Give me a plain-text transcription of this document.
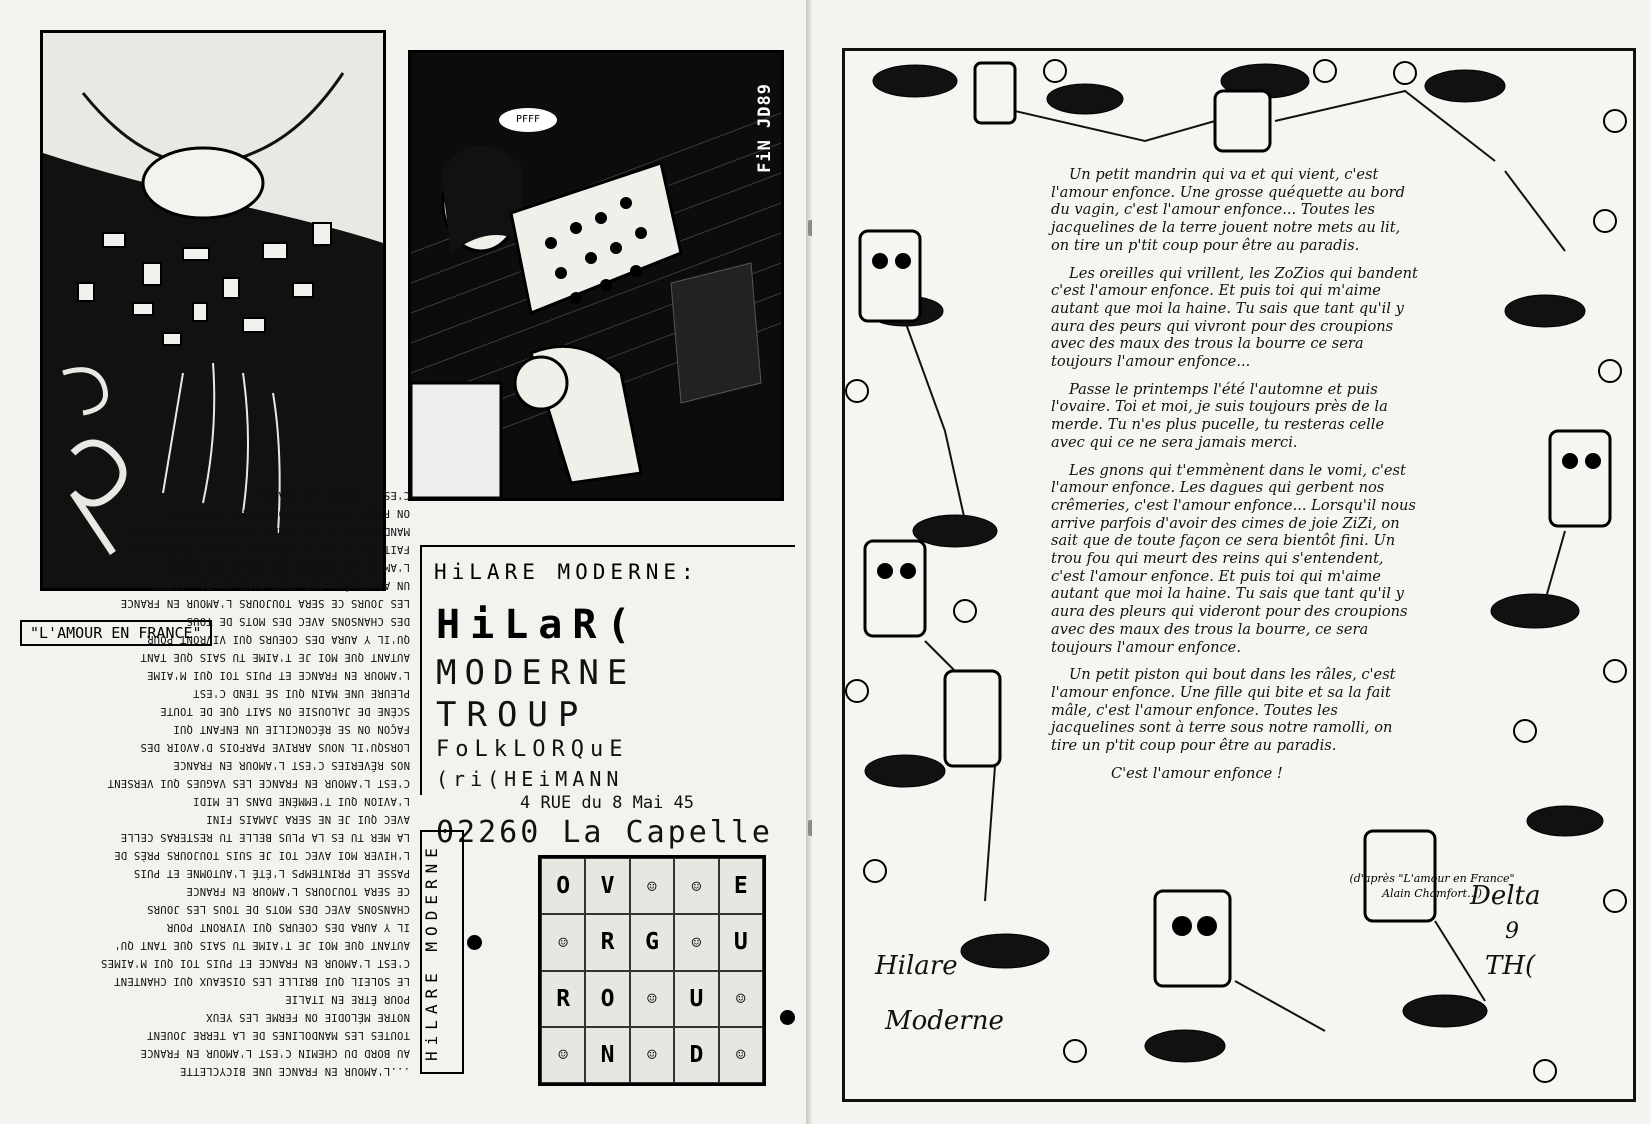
PFFF	FiN JD89
"L'AMOUR EN FRANCE"
...L'AMOUR EN FRANCE UNE BICYCLETTE
AU BORD DU CHEMIN C'EST L'AMOUR EN FRANCE
TOUTES LES MANDOLINES DE LA TERRE JOUENT
NOTRE MÉLODIE ON FERME LES YEUX
POUR ÊTRE EN ITALIE
LE SOLEIL QUI BRILLE LES OISEAUX QUI CHANTENT
C'EST L'AMOUR EN FRANCE ET PUIS TOI QUI M'AIMES
AUTANT QUE MOI JE T'AIME TU SAIS QUE TANT QU'
IL Y AURA DES COEURS QUI VIVRONT POUR
CHANSONS AVEC DES MOTS DE TOUS LES JOURS
CE SERA TOUJOURS L'AMOUR EN FRANCE
PASSE LE PRINTEMPS L'ÉTÉ L'AUTOMNE ET PUIS
L'HIVER MOI AVEC TOI JE SUIS TOUJOURS PRÈS DE
LA MER TU ES LA PLUS BELLE TU RESTERAS CELLE
AVEC QUI JE NE SERA JAMAIS FINI
L'AVION QUI T'EMMÈNE DANS LE MIDI
C'EST L'AMOUR EN FRANCE LES VAGUES QUI VERSENT
NOS RÊVERIES C'EST L'AMOUR EN FRANCE
LORSQU'IL NOUS ARRIVE PARFOIS D'AVOIR DES
FAÇON ON SE RÉCONCILIE UN ENFANT QUI
SCÈNE DE JALOUSIE ON SAIT QUE DE TOUTE
PLEURE UNE MAIN QUI SE TEND C'EST
L'AMOUR EN FRANCE ET PUIS TOI QUI M'AIME
AUTANT QUE MOI JE T'AIME TU SAIS QUE TANT
QU'IL Y AURA DES COEURS QUI VIVRONT POUR
DES CHANSONS AVEC DES MOTS DE TOUS
LES JOURS CE SERA TOUJOURS L'AMOUR EN FRANCE
UN ACCORDÉON QUI JOUE DANS UN BAL C'EST
L'AMOUR EN FRANCE UNE FILLE QUI DANSE
FAIT MAL C'EST L'AMOUR EN FRANCE TOUTES LES
MANDOLINES DE LA TERRE JOUENT NOTRE MÉLODIE
ON FERME LES YEUX POUR ÊTRE EN ITALIE
C'EST L'AMOUR EN FRANCE...
HiLARE MODERNE:
HiLaR(
MODERNE
TROUP
FoLkLORQuE
(ri(HEiMANN
4 RUE du 8 Mai 45
02260 La Capelle
HiLARE MODERNE	O	V	☺	☺	E
☺	R	G	☺	U
R	O	☺	U	☺
☺	N	☺	D	☺

Un petit mandrin qui va et qui vient, c'est l'amour enfonce. Une grosse quéquette au bord du vagin, c'est l'amour enfonce... Toutes les jacquelines de la terre jouent notre mets au lit, on tire un p'tit coup pour être au paradis.

Les oreilles qui vrillent, les ZoZios qui bandent c'est l'amour enfonce. Et puis toi qui m'aime autant que moi la haine. Tu sais que tant qu'il y aura des peurs qui vivront pour des croupions avec des maux des trous la bourre ce sera toujours l'amour enfonce...

Passe le printemps l'été l'automne et puis l'ovaire. Toi et moi, je suis toujours près de la merde. Tu n'es plus pucelle, tu resteras celle avec qui ce ne sera jamais merci.

Les gnons qui t'emmènent dans le vomi, c'est l'amour enfonce. Les dagues qui gerbent nos crêmeries, c'est l'amour enfonce... Lorsqu'il nous arrive parfois d'avoir des cimes de joie ZiZi, on sait que de toute façon ce sera bientôt fini. Un trou fou qui meurt des reins qui s'entendent, c'est l'amour enfonce. Et puis toi qui m'aime autant que moi la haine. Tu sais que tant qu'il y aura des pleurs qui videront pour des croupions avec des maux des trous la bourre, ce sera toujours l'amour enfonce.

Un petit piston qui bout dans les râles, c'est l'amour enfonce. Une fille qui bite et sa la fait mâle, c'est l'amour enfonce. Toutes les jacquelines sont à terre sous notre ramolli, on tire un p'tit coup pour être au paradis.

C'est l'amour enfonce !

(d'après "L'amour en France"
Alain Chamfort...)
Hilare
Moderne
Delta
9
TH(
